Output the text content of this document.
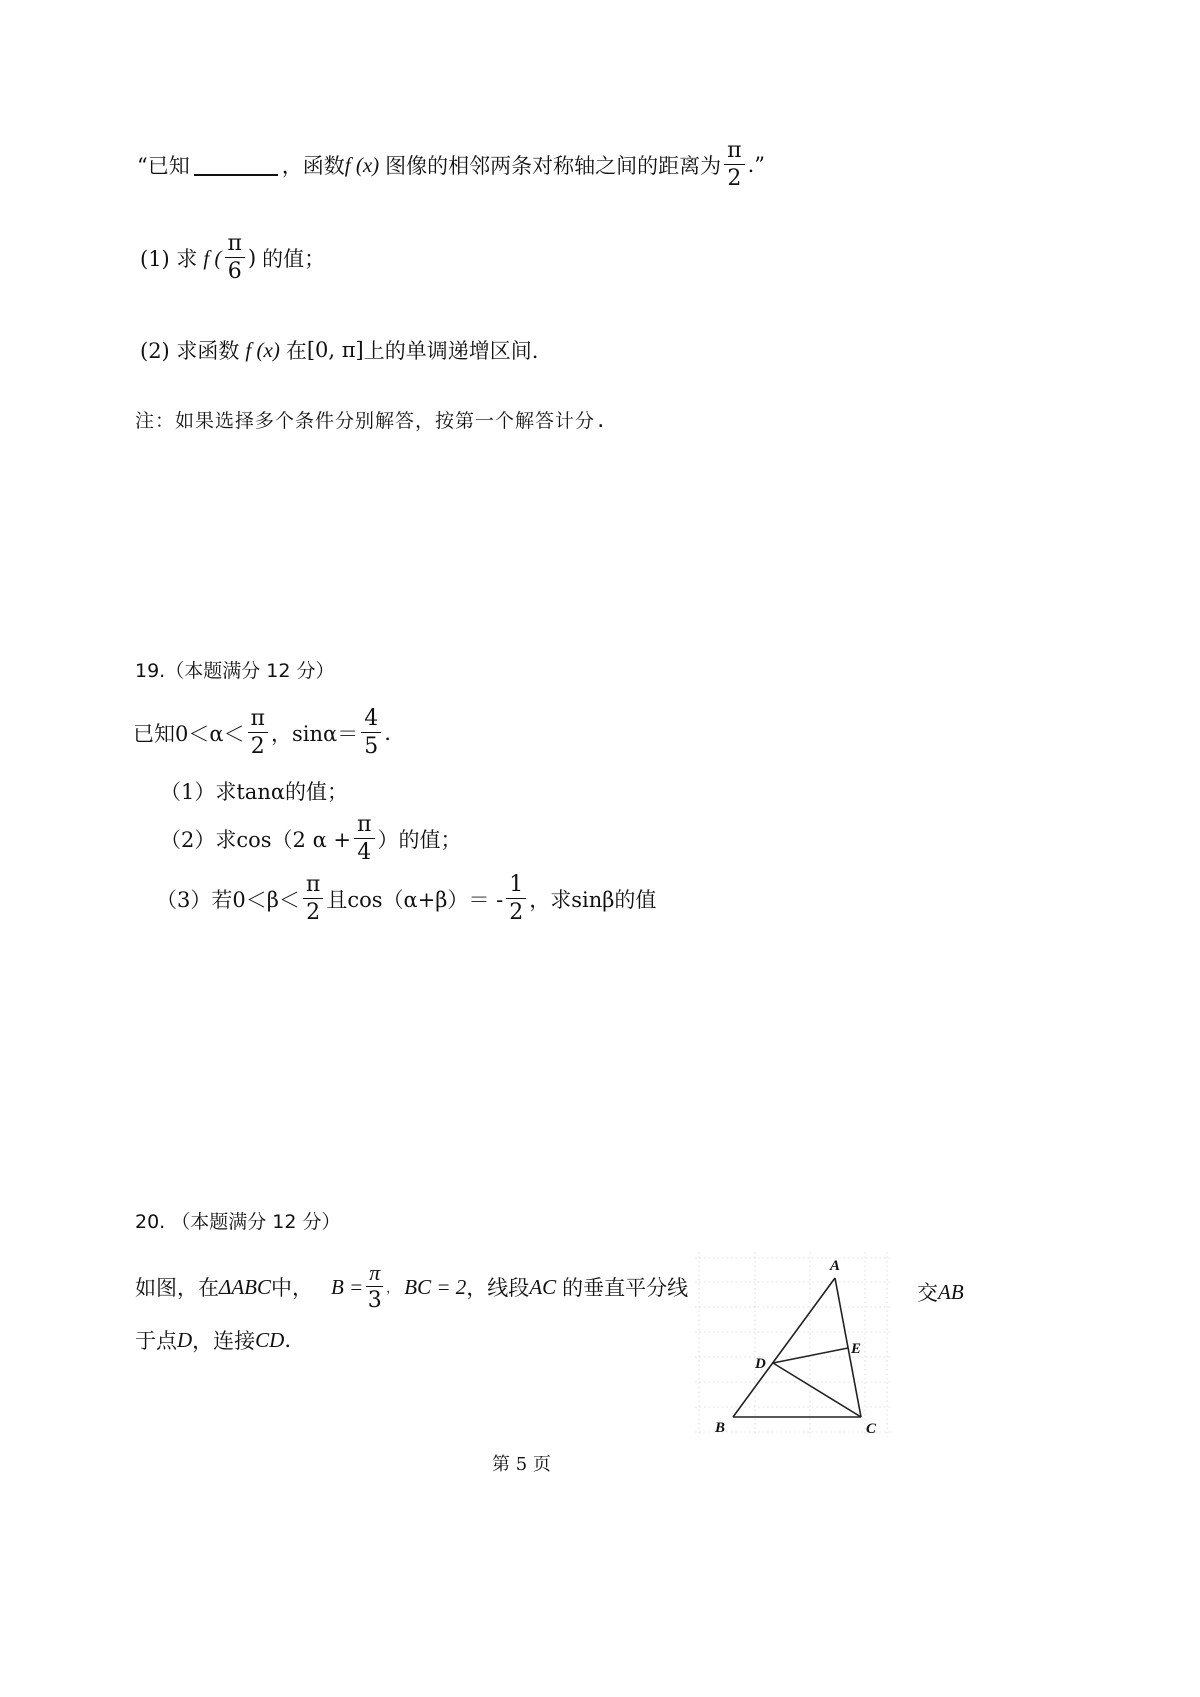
“已知	，函数 f (x) 图像的相邻两条对称轴之间的距离为 $\frac{\pi}{2}$ .”
(1) 求 f ( $\frac{\pi}{6}$ ) 的值；
(2) 求函数 f (x) 在 [0, π] 上的单调递增区间.
注：如果选择多个条件分别解答，按第一个解答计分.
19.（本题满分 12 分）
已知$0<\alpha< \frac{\pi}{2}$ ，$\sin\alpha= \frac{4}{5}$ .
（1）求tanα的值；
（2）求cos（2 $\alpha + \frac{\pi}{4}$ ）的值；
（3）若$0<\beta< \frac{\pi}{2}$ 且$\cos(\alpha+\beta)= - \frac{1}{2}$ ，求sinβ的值
20. （本题满分 12 分）
如图，在 ΔABC 中， $B = \frac{\pi}{3}$ ， BC = 2 ，线段 AC 的垂直平分线	交 AB
于点 D ，连接 CD .
A
B	C
D
E
第 5 页
